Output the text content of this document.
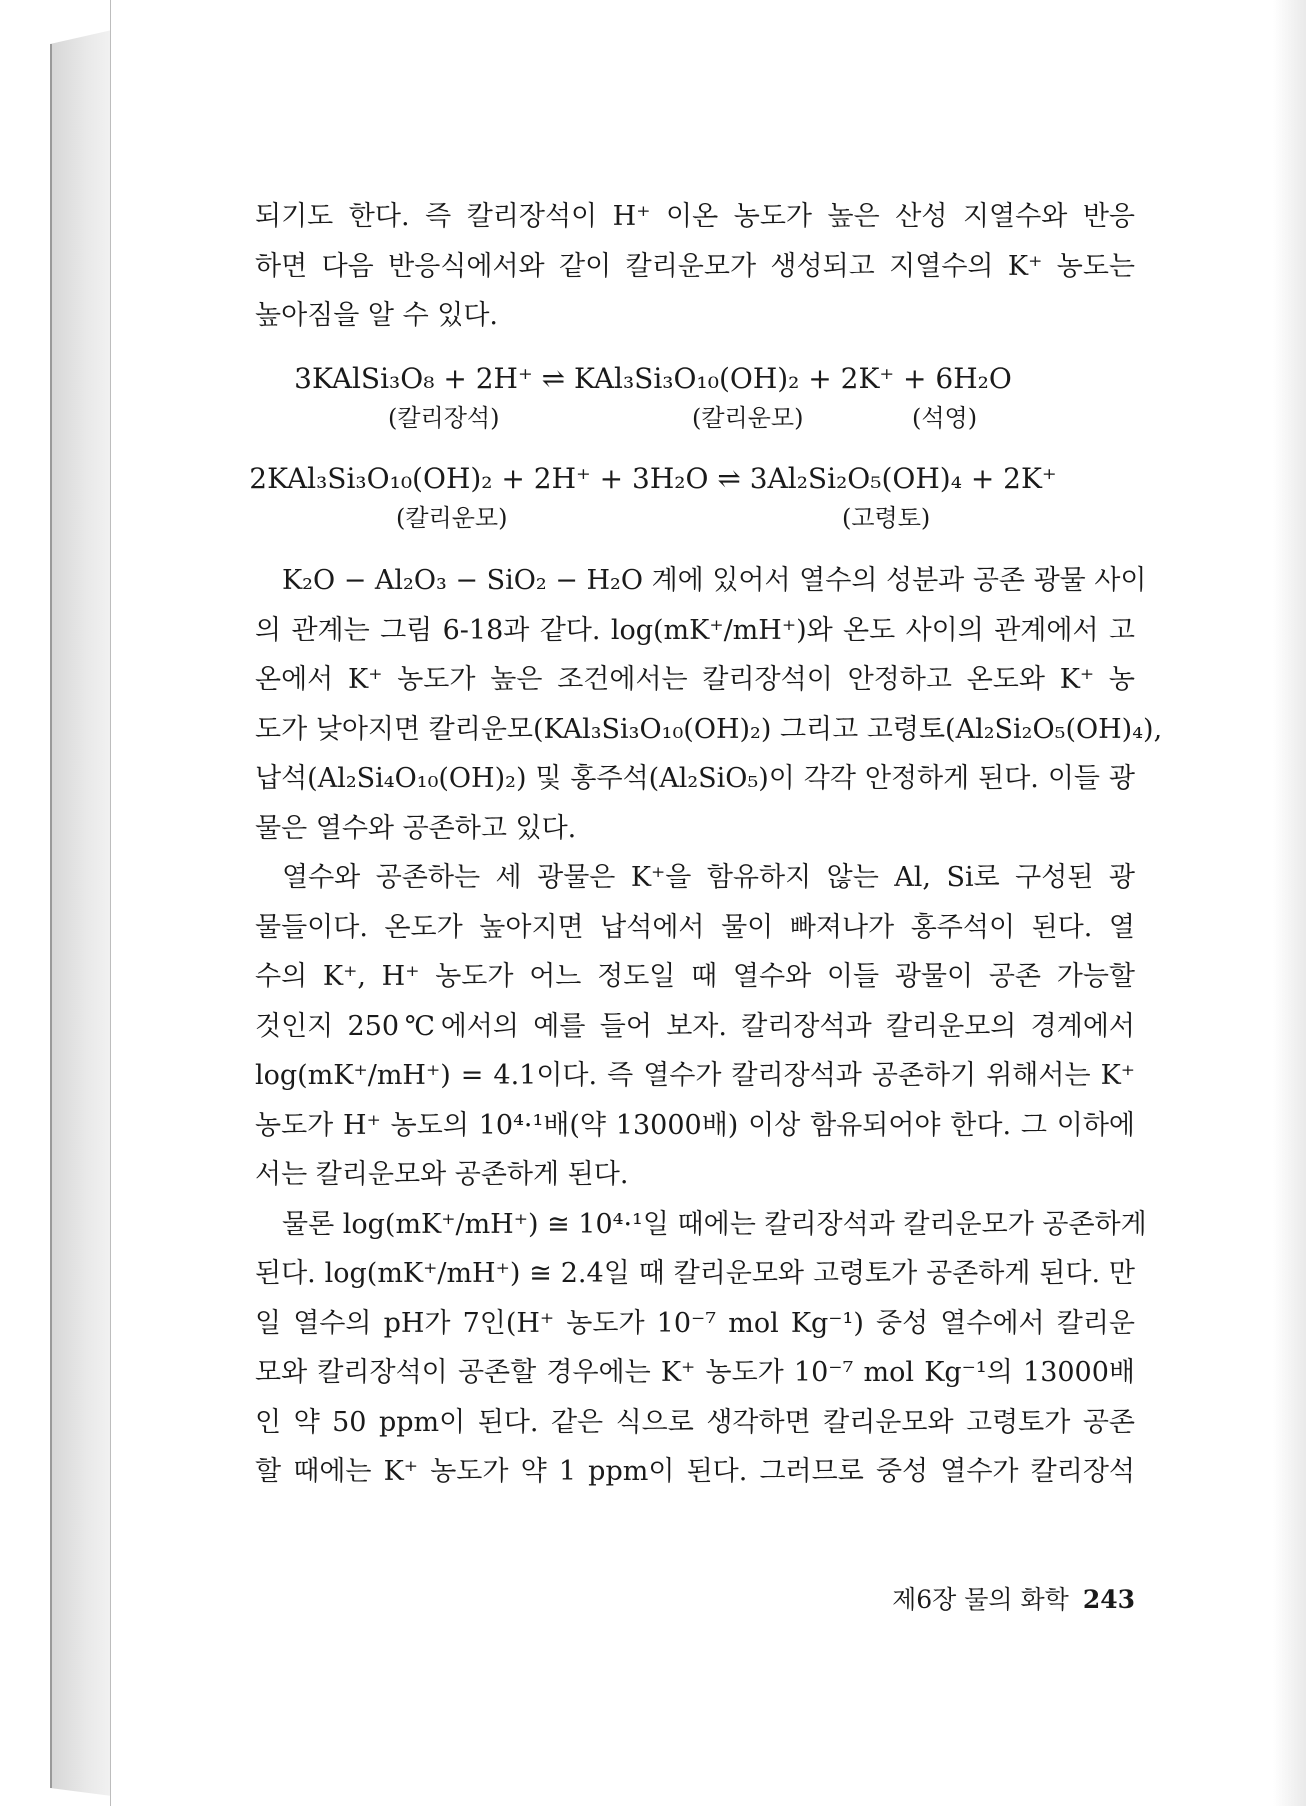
되기도 한다. 즉 칼리장석이 H⁺ 이온 농도가 높은 산성 지열수와 반응
하면 다음 반응식에서와 같이 칼리운모가 생성되고 지열수의 K⁺ 농도는
높아짐을 알 수 있다.
3KAlSi₃O₈ + 2H⁺ ⇌ KAl₃Si₃O₁₀(OH)₂ + 2K⁺ + 6H₂O
(칼리장석)	(칼리운모)	(석영)
2KAl₃Si₃O₁₀(OH)₂ + 2H⁺ + 3H₂O ⇌ 3Al₂Si₂O₅(OH)₄ + 2K⁺
(칼리운모)	(고령토)
K₂O − Al₂O₃ − SiO₂ − H₂O 계에 있어서 열수의 성분과 공존 광물 사이
의 관계는 그림 6-18과 같다. log(mK⁺/mH⁺)와 온도 사이의 관계에서 고
온에서 K⁺ 농도가 높은 조건에서는 칼리장석이 안정하고 온도와 K⁺ 농
도가 낮아지면 칼리운모(KAl₃Si₃O₁₀(OH)₂) 그리고 고령토(Al₂Si₂O₅(OH)₄),
납석(Al₂Si₄O₁₀(OH)₂) 및 홍주석(Al₂SiO₅)이 각각 안정하게 된다. 이들 광
물은 열수와 공존하고 있다.
열수와 공존하는 세 광물은 K⁺을 함유하지 않는 Al, Si로 구성된 광
물들이다. 온도가 높아지면 납석에서 물이 빠져나가 홍주석이 된다. 열
수의 K⁺, H⁺ 농도가 어느 정도일 때 열수와 이들 광물이 공존 가능할
것인지 250℃에서의 예를 들어 보자. 칼리장석과 칼리운모의 경계에서
log(mK⁺/mH⁺) = 4.1이다. 즉 열수가 칼리장석과 공존하기 위해서는 K⁺
농도가 H⁺ 농도의 10⁴·¹배(약 13000배) 이상 함유되어야 한다. 그 이하에
서는 칼리운모와 공존하게 된다.
물론 log(mK⁺/mH⁺) ≅ 10⁴·¹일 때에는 칼리장석과 칼리운모가 공존하게
된다. log(mK⁺/mH⁺) ≅ 2.4일 때 칼리운모와 고령토가 공존하게 된다. 만
일 열수의 pH가 7인(H⁺ 농도가 10⁻⁷ mol Kg⁻¹) 중성 열수에서 칼리운
모와 칼리장석이 공존할 경우에는 K⁺ 농도가 10⁻⁷ mol Kg⁻¹의 13000배
인 약 50 ppm이 된다. 같은 식으로 생각하면 칼리운모와 고령토가 공존
할 때에는 K⁺ 농도가 약 1 ppm이 된다. 그러므로 중성 열수가 칼리장석
제6장 물의 화학 243
